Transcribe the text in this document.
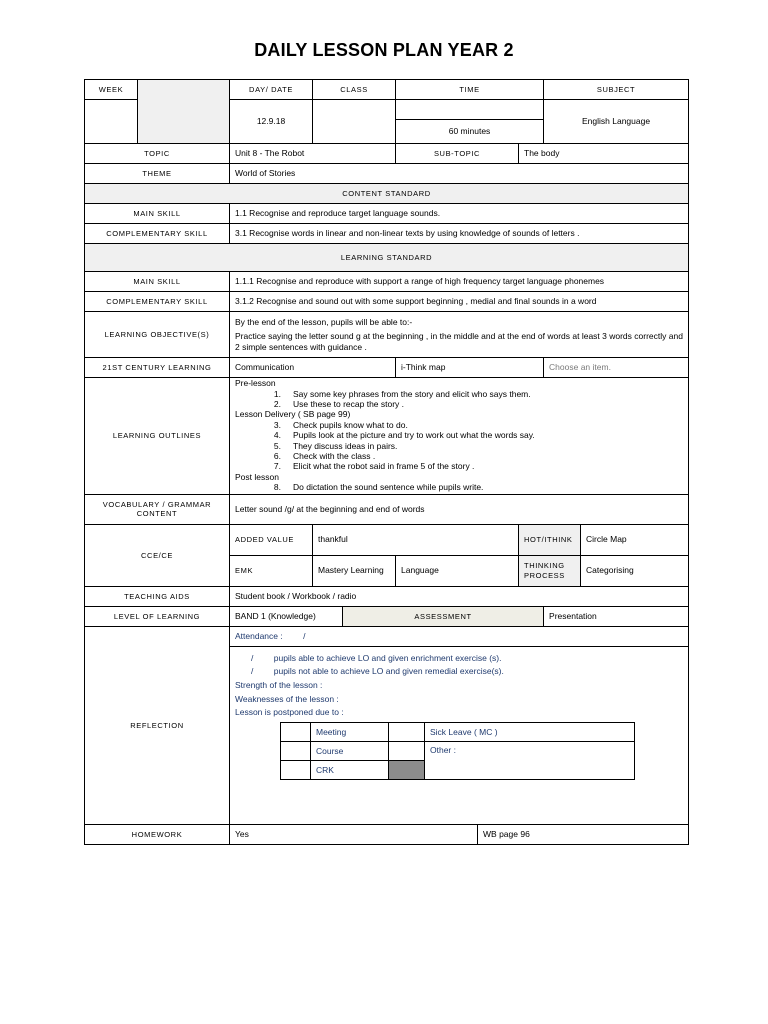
DAILY LESSON PLAN YEAR 2
WEEK		DAY/ DATE	CLASS	TIME	SUBJECT
	12.9.18			English Language
60 minutes
TOPIC	Unit 8 - The Robot	SUB-TOPIC	The body
THEME	World of Stories
CONTENT STANDARD
MAIN SKILL	1.1 Recognise and reproduce target language sounds.
COMPLEMENTARY SKILL	3.1 Recognise words in linear and non-linear texts by using knowledge of sounds of letters .
LEARNING STANDARD
MAIN SKILL	1.1.1 Recognise and reproduce with support a range of high frequency target language phonemes
COMPLEMENTARY SKILL	3.1.2 Recognise and sound out with some support beginning , medial and final sounds in a word
LEARNING OBJECTIVE(S)	
By the end of the lesson, pupils will be able to:-
Practice saying the letter sound g at the beginning , in the middle and at the end of words at least 3 words correctly and 2 simple sentences with guidance .

21ST CENTURY LEARNING	Communication	i-Think map	Choose an item.
LEARNING OUTLINES	
Pre-lesson
1. Say some key phrases from the story and elicit who says them.
2. Use these to recap the story .
Lesson Delivery ( SB page 99)
3. Check pupils know what to do.
4. Pupils look at the picture and try to work out what the words say.
5. They discuss ideas in pairs.
6. Check with the class .
7. Elicit what the robot said in frame 5 of the story .
Post lesson
8. Do dictation the sound sentence while pupils write.

VOCABULARY / GRAMMAR CONTENT	Letter sound /g/ at the beginning and end of words
CCE/CE	ADDED VALUE	thankful	HOT/ITHINK	Circle Map
EMK	Mastery Learning	Language	THINKING PROCESS	Categorising
TEACHING AIDS	Student book / Workbook / radio
LEVEL OF LEARNING	BAND 1 (Knowledge)	ASSESSMENT	Presentation
REFLECTION	Attendance : /

/ pupils able to achieve LO and given enrichment exercise (s).
/ pupils not able to achieve LO and given remedial exercise(s).
Strength of the lesson :
Weaknesses of the lesson :
Lesson is postponed due to :
	Meeting		Sick Leave ( MC )
	Course		Other :
	CRK	

HOMEWORK	Yes	WB page 96
